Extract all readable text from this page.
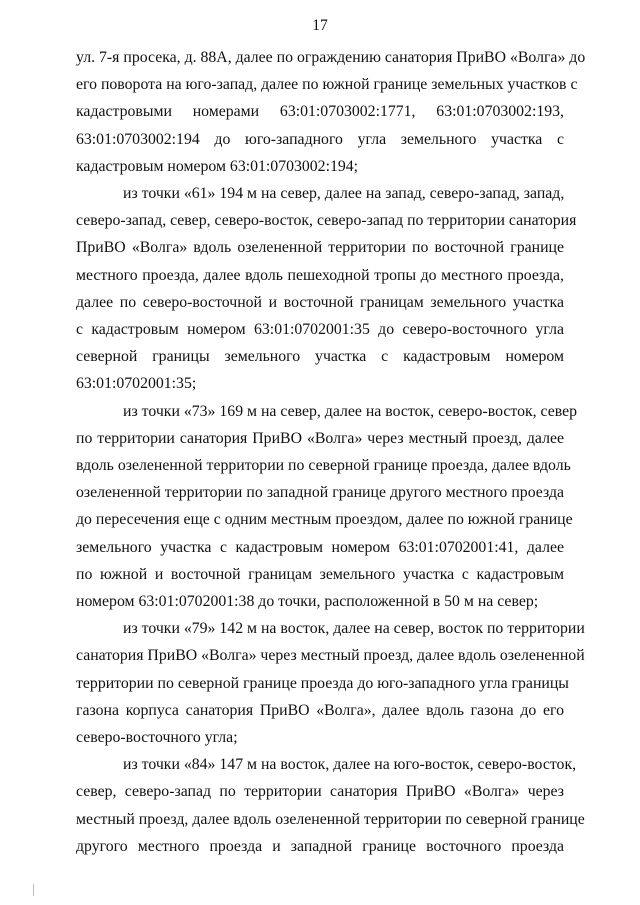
17

ул. 7-я просека, д. 88А, далее по ограждению санатория ПриВО «Волга» до
его поворота на юго-запад, далее по южной границе земельных участков с
кадастровыми номерами 63:01:0703002:1771, 63:01:0703002:193,
63:01:0703002:194 до юго-западного угла земельного участка с
кадастровым номером 63:01:0703002:194;

из точки «61» 194 м на север, далее на запад, северо-запад, запад,
северо-запад, север, северо-восток, северо-запад по территории санатория
ПриВО «Волга» вдоль озелененной территории по восточной границе
местного проезда, далее вдоль пешеходной тропы до местного проезда,
далее по северо-восточной и восточной границам земельного участка
с кадастровым номером 63:01:0702001:35 до северо-восточного угла
северной границы земельного участка с кадастровым номером
63:01:0702001:35;

из точки «73» 169 м на север, далее на восток, северо-восток, север
по территории санатория ПриВО «Волга» через местный проезд, далее
вдоль озелененной территории по северной границе проезда, далее вдоль
озелененной территории по западной границе другого местного проезда
до пересечения еще с одним местным проездом, далее по южной границе
земельного участка с кадастровым номером 63:01:0702001:41, далее
по южной и восточной границам земельного участка с кадастровым
номером 63:01:0702001:38 до точки, расположенной в 50 м на север;

из точки «79» 142 м на восток, далее на север, восток по территории
санатория ПриВО «Волга» через местный проезд, далее вдоль озелененной
территории по северной границе проезда до юго-западного угла границы
газона корпуса санатория ПриВО «Волга», далее вдоль газона до его
северо-восточного угла;

из точки «84» 147 м на восток, далее на юго-восток, северо-восток,
север, северо-запад по территории санатория ПриВО «Волга» через
местный проезд, далее вдоль озелененной территории по северной границе
другого местного проезда и западной границе восточного проезда
